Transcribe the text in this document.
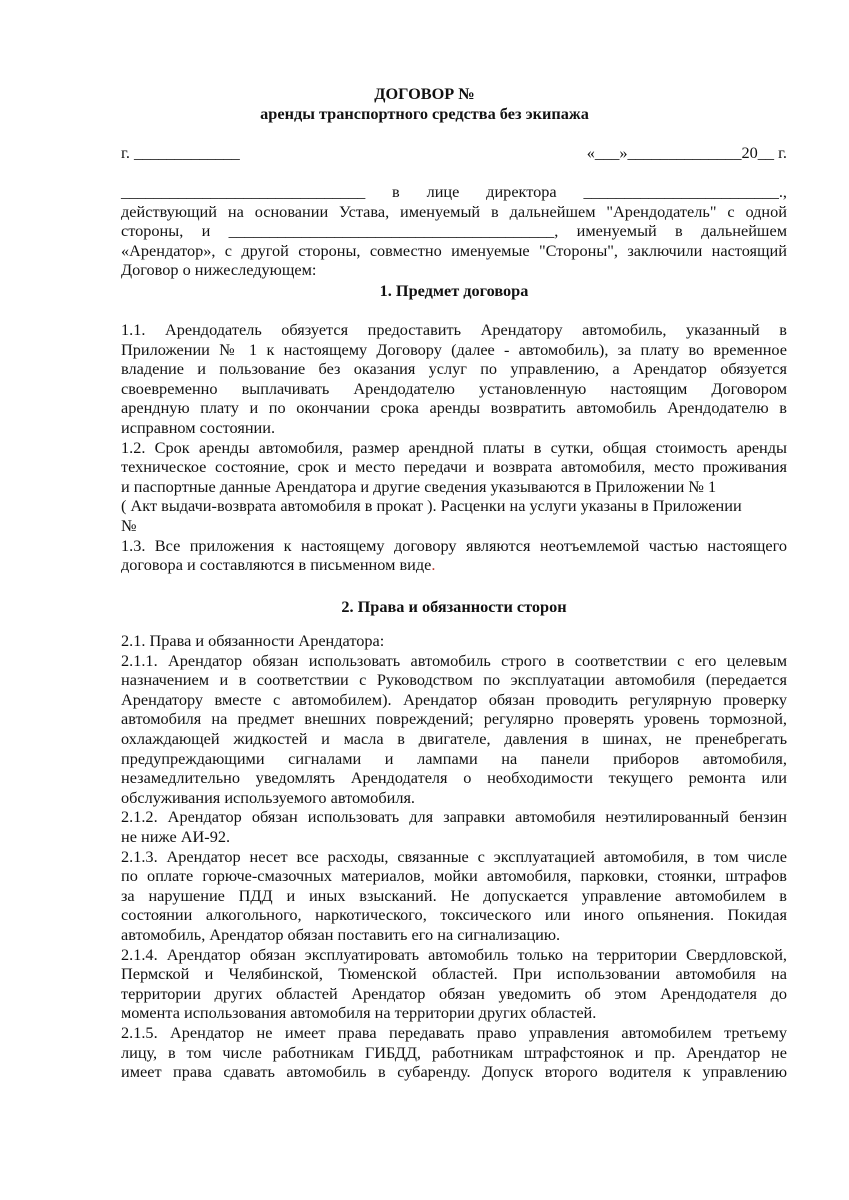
ДОГОВОР №
аренды транспортного средства без экипажа
г. _____________	«___»______________20__ г.
______________________________ в лице директора ________________________.,
действующий на основании Устава, именуемый в дальнейшем "Арендодатель" с одной
стороны, и ________________________________________, именуемый в дальнейшем
«Арендатор», с другой стороны, совместно именуемые "Стороны", заключили настоящий
Договор о нижеследующем:
1. Предмет договора
1.1. Арендодатель обязуется предоставить Арендатору автомобиль, указанный в
Приложении № 1 к настоящему Договору (далее - автомобиль), за плату во временное
владение и пользование без оказания услуг по управлению, а Арендатор обязуется
своевременно выплачивать Арендодателю установленную настоящим Договором
арендную плату и по окончании срока аренды возвратить автомобиль Арендодателю в
исправном состоянии.
1.2. Срок аренды автомобиля, размер арендной платы в сутки, общая стоимость аренды
техническое состояние, срок и место передачи и возврата автомобиля, место проживания
и паспортные данные Арендатора и другие сведения указываются в Приложении № 1
( Акт выдачи-возврата автомобиля в прокат ). Расценки на услуги указаны в Приложении
№
1.3. Все приложения к настоящему договору являются неотъемлемой частью настоящего
договора и составляются в письменном виде.
2. Права и обязанности сторон
2.1. Права и обязанности Арендатора:
2.1.1. Арендатор обязан использовать автомобиль строго в соответствии с его целевым
назначением и в соответствии с Руководством по эксплуатации автомобиля (передается
Арендатору вместе с автомобилем). Арендатор обязан проводить регулярную проверку
автомобиля на предмет внешних повреждений; регулярно проверять уровень тормозной,
охлаждающей жидкостей и масла в двигателе, давления в шинах, не пренебрегать
предупреждающими сигналами и лампами на панели приборов автомобиля,
незамедлительно уведомлять Арендодателя о необходимости текущего ремонта или
обслуживания используемого автомобиля.
2.1.2. Арендатор обязан использовать для заправки автомобиля неэтилированный бензин
не ниже АИ-92.
2.1.3. Арендатор несет все расходы, связанные с эксплуатацией автомобиля, в том числе
по оплате горюче-смазочных материалов, мойки автомобиля, парковки, стоянки, штрафов
за нарушение ПДД и иных взысканий. Не допускается управление автомобилем в
состоянии алкогольного, наркотического, токсического или иного опьянения. Покидая
автомобиль, Арендатор обязан поставить его на сигнализацию.
2.1.4. Арендатор обязан эксплуатировать автомобиль только на территории Свердловской,
Пермской и Челябинской, Тюменской областей. При использовании автомобиля на
территории других областей Арендатор обязан уведомить об этом Арендодателя до
момента использования автомобиля на территории других областей.
2.1.5. Арендатор не имеет права передавать право управления автомобилем третьему
лицу, в том числе работникам ГИБДД, работникам штрафстоянок и пр. Арендатор не
имеет права сдавать автомобиль в субаренду. Допуск второго водителя к управлению
